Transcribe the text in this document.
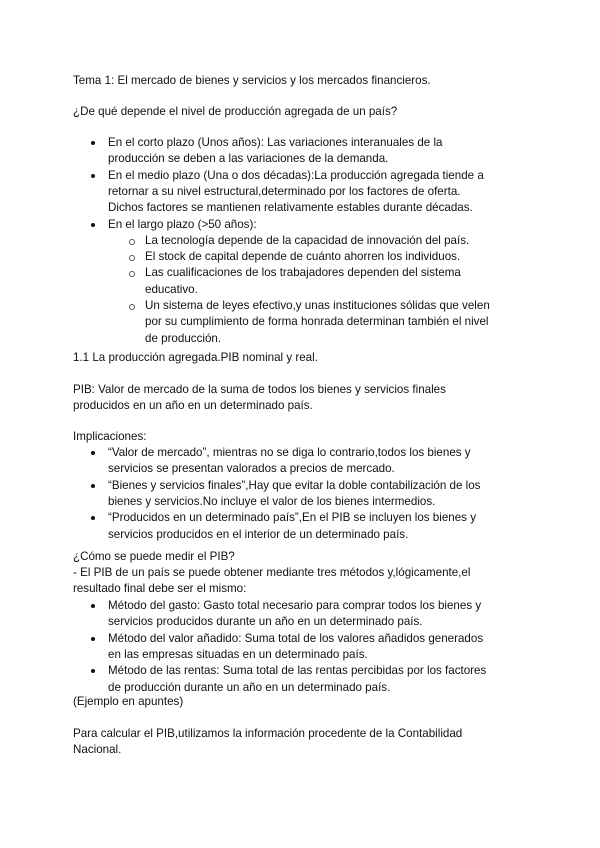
Tema 1: El mercado de bienes y servicios y los mercados financieros.
¿De qué depende el nivel de producción agregada de un país?
En el corto plazo (Unos años): Las variaciones interanuales de la
producción se deben a las variaciones de la demanda.
En el medio plazo (Una o dos décadas):La producción agregada tiende a
retornar a su nivel estructural,determinado por los factores de oferta.
Dichos factores se mantienen relativamente estables durante décadas.
En el largo plazo (>50 años):
La tecnología depende de la capacidad de innovación del país.
El stock de capital depende de cuánto ahorren los individuos.
Las cualificaciones de los trabajadores dependen del sistema
educativo.
Un sistema de leyes efectivo,y unas instituciones sólidas que velen
por su cumplimiento de forma honrada determinan también el nivel
de producción.
1.1 La producción agregada.PIB nominal y real.
PIB: Valor de mercado de la suma de todos los bienes y servicios finales
producidos en un año en un determinado país.
Implicaciones:
“Valor de mercado”, mientras no se diga lo contrario,todos los bienes y
servicios se presentan valorados a precios de mercado.
“Bienes y servicios finales”,Hay que evitar la doble contabilización de los
bienes y servicios.No incluye el valor de los bienes intermedios.
“Producidos en un determinado país”,En el PIB se incluyen los bienes y
servicios producidos en el interior de un determinado país.
¿Cómo se puede medir el PIB?
- El PIB de un país se puede obtener mediante tres métodos y,lógicamente,el
resultado final debe ser el mismo:
Método del gasto: Gasto total necesario para comprar todos los bienes y
servicios producidos durante un año en un determinado país.
Método del valor añadido: Suma total de los valores añadidos generados
en las empresas situadas en un determinado país.
Método de las rentas: Suma total de las rentas percibidas por los factores
de producción durante un año en un determinado país.
(Ejemplo en apuntes)
Para calcular el PIB,utilizamos la información procedente de la Contabilidad
Nacional.
